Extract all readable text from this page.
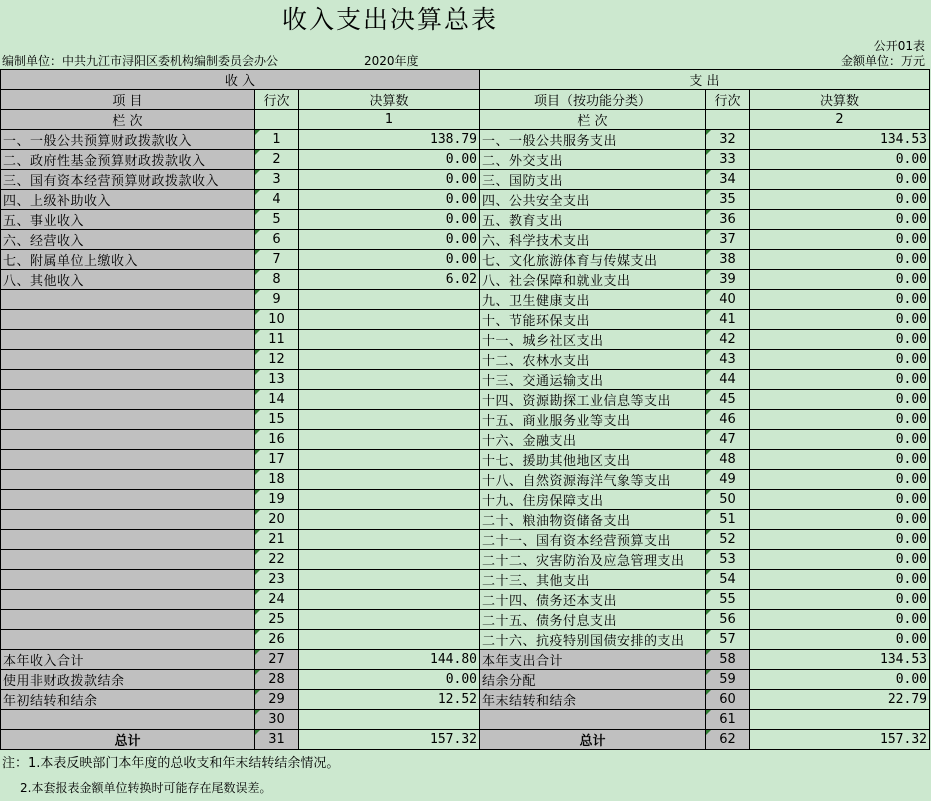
收入支出决算总表
公开01表
编制单位：中共九江市浔阳区委机构编制委员会办公	2020年度	金额单位：万元
收 入			支 出		
项 目	行次	决算数	项目（按功能分类）	行次	决算数
栏 次		1	栏 次		2
一、一般公共预算财政拨款收入	1	138.79	一、一般公共服务支出	32	134.53
二、政府性基金预算财政拨款收入	2	0.00	二、外交支出	33	0.00
三、国有资本经营预算财政拨款收入	3	0.00	三、国防支出	34	0.00
四、上级补助收入	4	0.00	四、公共安全支出	35	0.00
五、事业收入	5	0.00	五、教育支出	36	0.00
六、经营收入	6	0.00	六、科学技术支出	37	0.00
七、附属单位上缴收入	7	0.00	七、文化旅游体育与传媒支出	38	0.00
八、其他收入	8	6.02	八、社会保障和就业支出	39	0.00
	9		九、卫生健康支出	40	0.00
	10		十、节能环保支出	41	0.00
	11		十一、城乡社区支出	42	0.00
	12		十二、农林水支出	43	0.00
	13		十三、交通运输支出	44	0.00
	14		十四、资源勘探工业信息等支出	45	0.00
	15		十五、商业服务业等支出	46	0.00
	16		十六、金融支出	47	0.00
	17		十七、援助其他地区支出	48	0.00
	18		十八、自然资源海洋气象等支出	49	0.00
	19		十九、住房保障支出	50	0.00
	20		二十、粮油物资储备支出	51	0.00
	21		二十一、国有资本经营预算支出	52	0.00
	22		二十二、灾害防治及应急管理支出	53	0.00
	23		二十三、其他支出	54	0.00
	24		二十四、债务还本支出	55	0.00
	25		二十五、债务付息支出	56	0.00
	26		二十六、抗疫特别国债安排的支出	57	0.00
本年收入合计	27	144.80	本年支出合计	58	134.53
使用非财政拨款结余	28	0.00	结余分配	59	0.00
年初结转和结余	29	12.52	年末结转和结余	60	22.79
	30			61	
总计	31	157.32	总计	62	157.32
注：1.本表反映部门本年度的总收支和年末结转结余情况。
2.本套报表金额单位转换时可能存在尾数误差。
